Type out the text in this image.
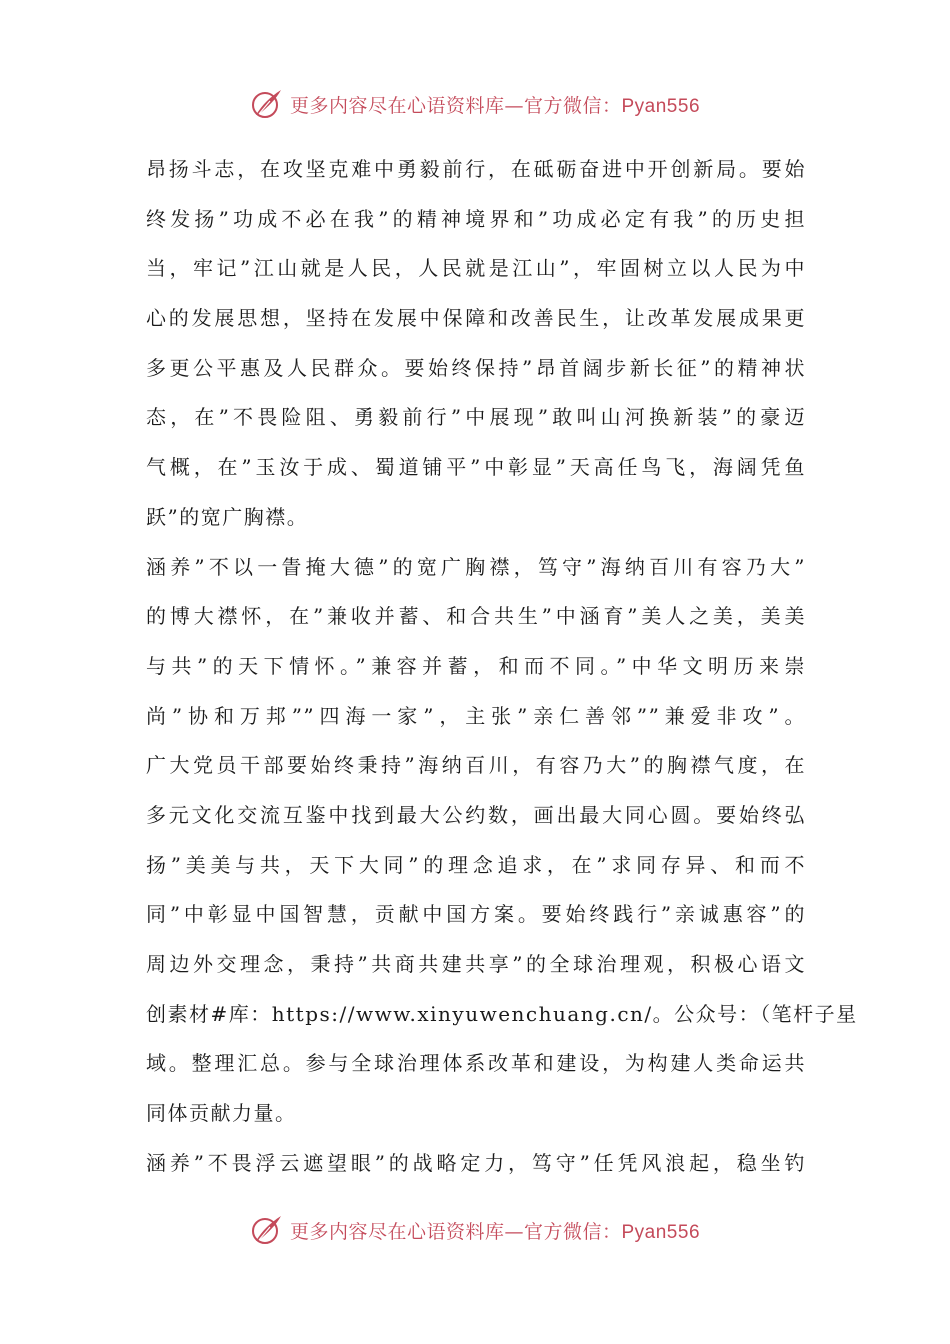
更多内容尽在心语资料库—官方微信：Pyan556
昂扬斗志，在攻坚克难中勇毅前行，在砥砺奋进中开创新局。要始
终发扬”功成不必在我”的精神境界和”功成必定有我”的历史担
当，牢记”江山就是人民，人民就是江山”，牢固树立以人民为中
心的发展思想，坚持在发展中保障和改善民生，让改革发展成果更
多更公平惠及人民群众。要始终保持”昂首阔步新长征”的精神状
态，在”不畏险阻、勇毅前行”中展现”敢叫山河换新装”的豪迈
气概，在”玉汝于成、蜀道铺平”中彰显”天高任鸟飞，海阔凭鱼
跃”的宽广胸襟。
涵养”不以一眚掩大德”的宽广胸襟，笃守”海纳百川有容乃大”
的博大襟怀，在”兼收并蓄、和合共生”中涵育”美人之美，美美
与共”的天下情怀。”兼容并蓄，和而不同。”中华文明历来崇
尚”协和万邦””四海一家”，主张”亲仁善邻””兼爱非攻”。
广大党员干部要始终秉持”海纳百川，有容乃大”的胸襟气度，在
多元文化交流互鉴中找到最大公约数，画出最大同心圆。要始终弘
扬”美美与共，天下大同”的理念追求，在”求同存异、和而不
同”中彰显中国智慧，贡献中国方案。要始终践行”亲诚惠容”的
周边外交理念，秉持”共商共建共享”的全球治理观，积极心语文
创素材#库：https://www.xinyuwenchuang.cn/。公众号：（笔杆子星
域。整理汇总。参与全球治理体系改革和建设，为构建人类命运共
同体贡献力量。
涵养”不畏浮云遮望眼”的战略定力，笃守”任凭风浪起，稳坐钓
更多内容尽在心语资料库—官方微信：Pyan556
